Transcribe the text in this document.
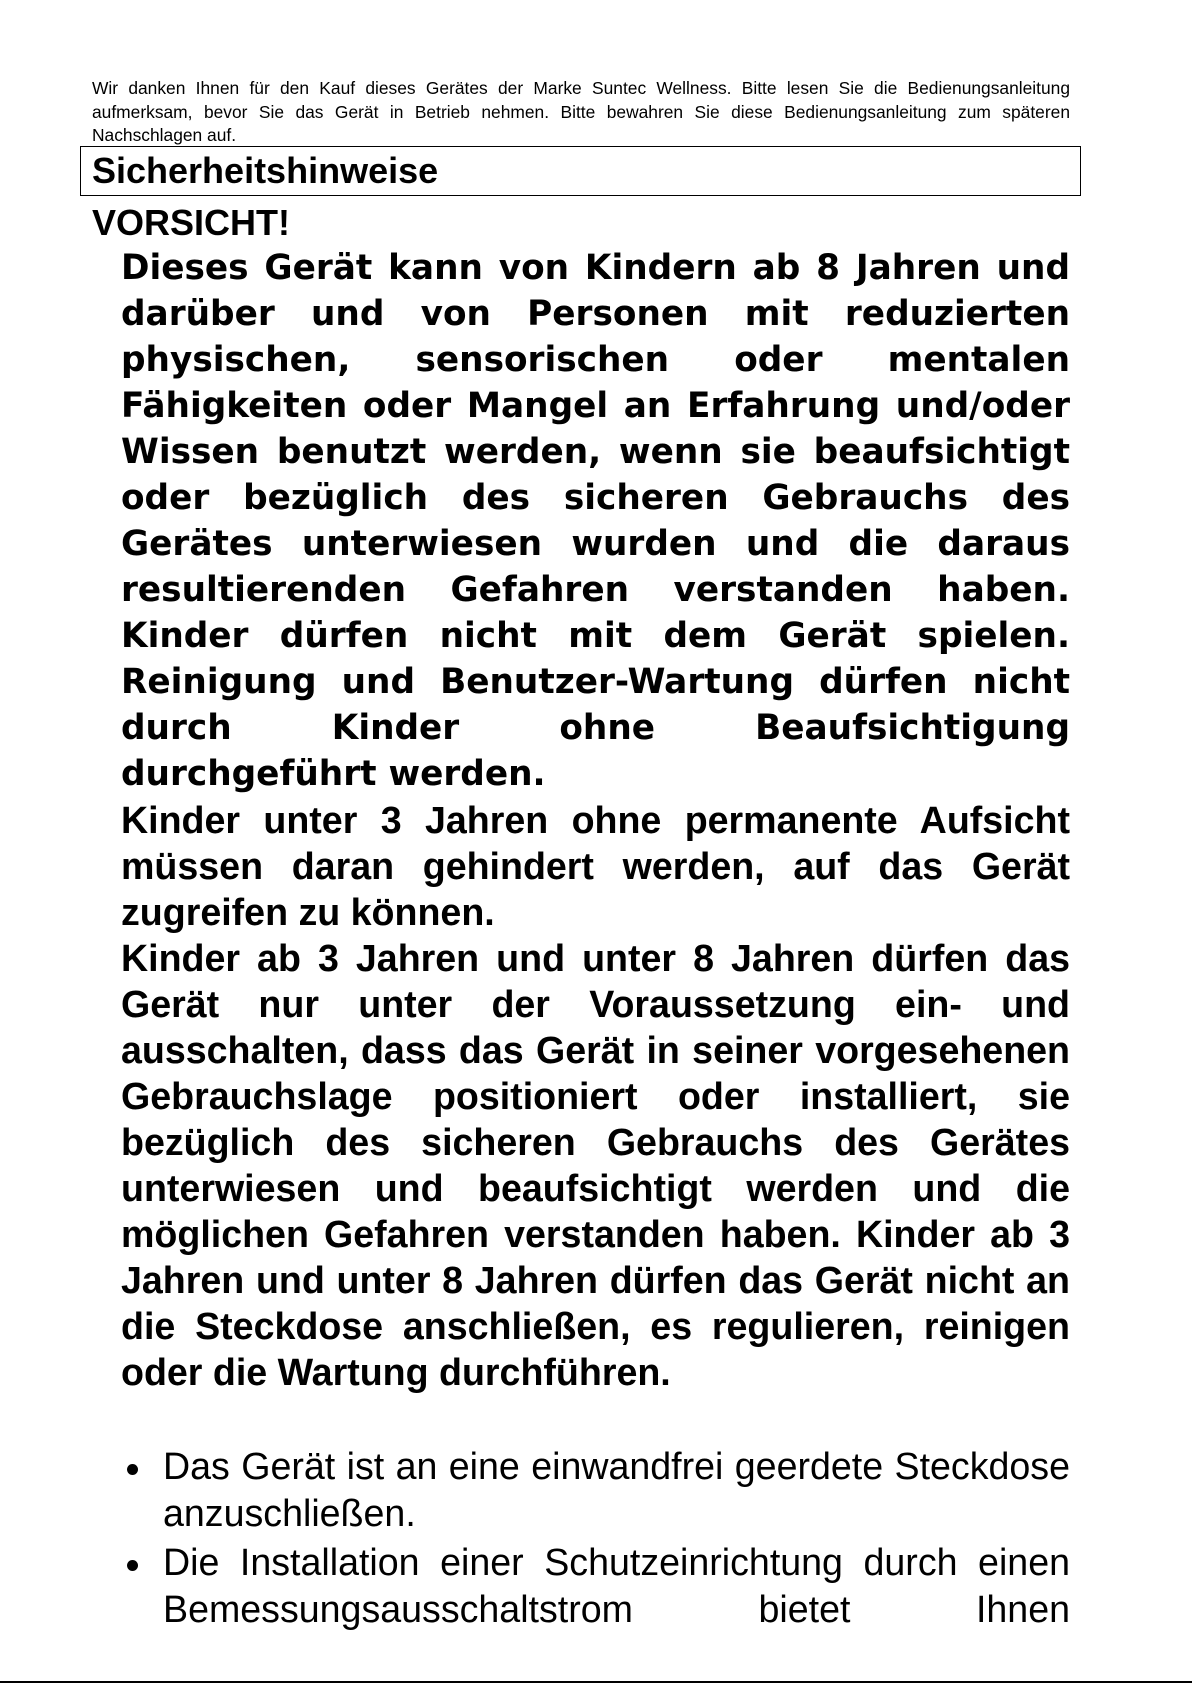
Wir danken Ihnen für den Kauf dieses Gerätes der Marke Suntec Wellness. Bitte lesen Sie die Bedienungsanleitung aufmerksam, bevor Sie das Gerät in Betrieb nehmen. Bitte bewahren Sie diese Bedienungsanleitung zum späteren Nachschlagen auf.

Sicherheitshinweise
VORSICHT!

Dieses Gerät kann von Kindern ab 8 Jahren und darüber und von Personen mit reduzierten physischen, sensorischen oder mentalen Fähigkeiten oder Mangel an Erfahrung und/oder Wissen benutzt werden, wenn sie beaufsichtigt oder bezüglich des sicheren Gebrauchs des Gerätes unterwiesen wurden und die daraus resultierenden Gefahren verstanden haben. Kinder dürfen nicht mit dem Gerät spielen. Reinigung und Benutzer-Wartung dürfen nicht durch Kinder ohne Beaufsichtigung durchgeführt werden.

Kinder unter 3 Jahren ohne permanente Aufsicht müssen daran gehindert werden, auf das Gerät zugreifen zu können.

Kinder ab 3 Jahren und unter 8 Jahren dürfen das Gerät nur unter der Voraussetzung ein- und ausschalten, dass das Gerät in seiner vorgesehenen Gebrauchslage positioniert oder installiert, sie bezüglich des sicheren Gebrauchs des Gerätes unterwiesen und beaufsichtigt werden und die möglichen Gefahren verstanden haben. Kinder ab 3 Jahren und unter 8 Jahren dürfen das Gerät nicht an die Steckdose anschließen, es regulieren, reinigen oder die Wartung durchführen.

Das Gerät ist an eine einwandfrei geerdete Steckdose anzuschließen.
Die Installation einer Schutzeinrichtung durch einen Bemessungsausschaltstrom bietet Ihnen
